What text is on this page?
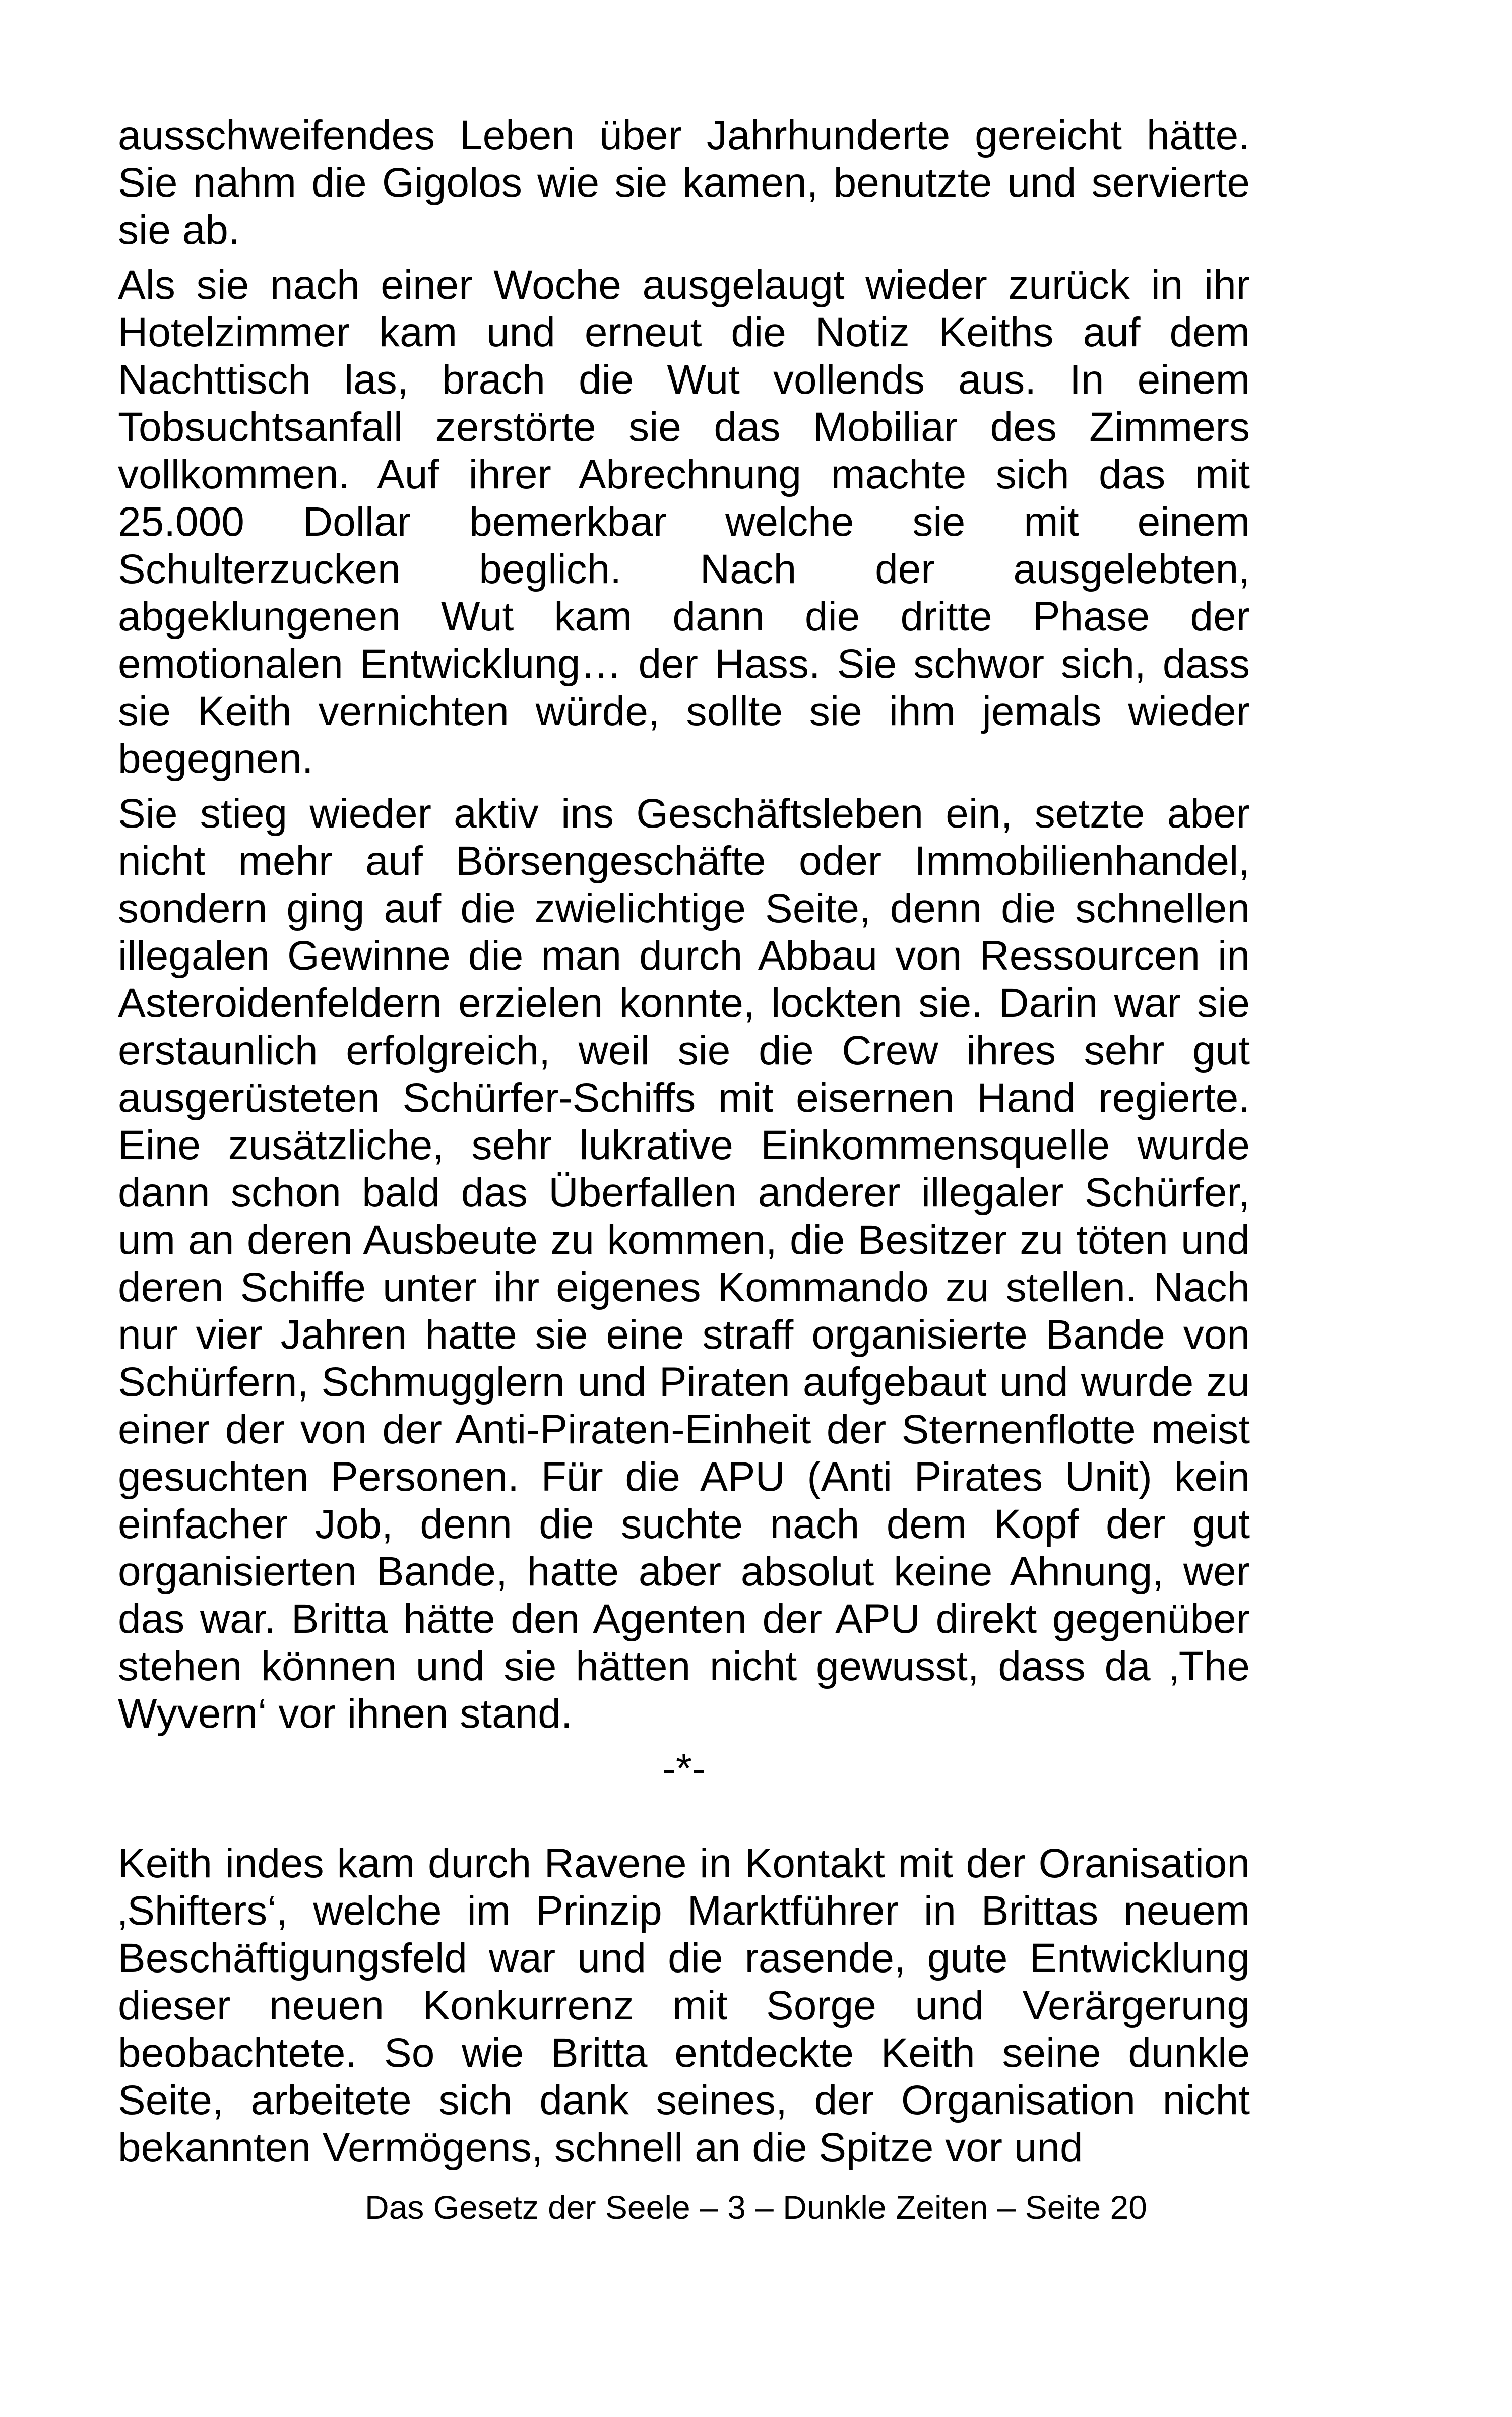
ausschweifendes Leben über Jahrhunderte gereicht hätte. Sie nahm die Gigolos wie sie kamen, benutzte und servierte sie ab.

Als sie nach einer Woche ausgelaugt wieder zurück in ihr Hotelzimmer kam und erneut die Notiz Keiths auf dem Nachttisch las, brach die Wut vollends aus. In einem Tobsuchtsanfall zerstörte sie das Mobiliar des Zimmers vollkommen. Auf ihrer Abrechnung machte sich das mit 25.000 Dollar bemerkbar welche sie mit einem Schulterzucken beglich. Nach der ausgelebten, abgeklungenen Wut kam dann die dritte Phase der emotionalen Entwicklung… der Hass. Sie schwor sich, dass sie Keith vernichten würde, sollte sie ihm jemals wieder begegnen.

Sie stieg wieder aktiv ins Geschäftsleben ein, setzte aber nicht mehr auf Börsengeschäfte oder Immobilienhandel, sondern ging auf die zwielichtige Seite, denn die schnellen illegalen Gewinne die man durch Abbau von Ressourcen in Asteroidenfeldern erzielen konnte, lockten sie. Darin war sie erstaunlich erfolgreich, weil sie die Crew ihres sehr gut ausgerüsteten Schürfer-Schiffs mit eisernen Hand regierte. Eine zusätzliche, sehr lukrative Einkommensquelle wurde dann schon bald das Überfallen anderer illegaler Schürfer, um an deren Ausbeute zu kommen, die Besitzer zu töten und deren Schiffe unter ihr eigenes Kommando zu stellen. Nach nur vier Jahren hatte sie eine straff organisierte Bande von Schürfern, Schmugglern und Piraten aufgebaut und wurde zu einer der von der Anti-Piraten-Einheit der Sternenflotte meist gesuchten Personen. Für die APU (Anti Pirates Unit) kein einfacher Job, denn die suchte nach dem Kopf der gut organisierten Bande, hatte aber absolut keine Ahnung, wer das war. Britta hätte den Agenten der APU direkt gegenüber stehen können und sie hätten nicht gewusst, dass da ‚The Wyvern‘ vor ihnen stand.

-*-

Keith indes kam durch Ravene in Kontakt mit der Oranisation ‚Shifters‘, welche im Prinzip Marktführer in Brittas neuem Beschäftigungsfeld war und die rasende, gute Entwicklung dieser neuen Konkurrenz mit Sorge und Verärgerung beobachtete. So wie Britta entdeckte Keith seine dunkle Seite, arbeitete sich dank seines, der Organisation nicht bekannten Vermögens, schnell an die Spitze vor und

Das Gesetz der Seele – 3 – Dunkle Zeiten – Seite 20
